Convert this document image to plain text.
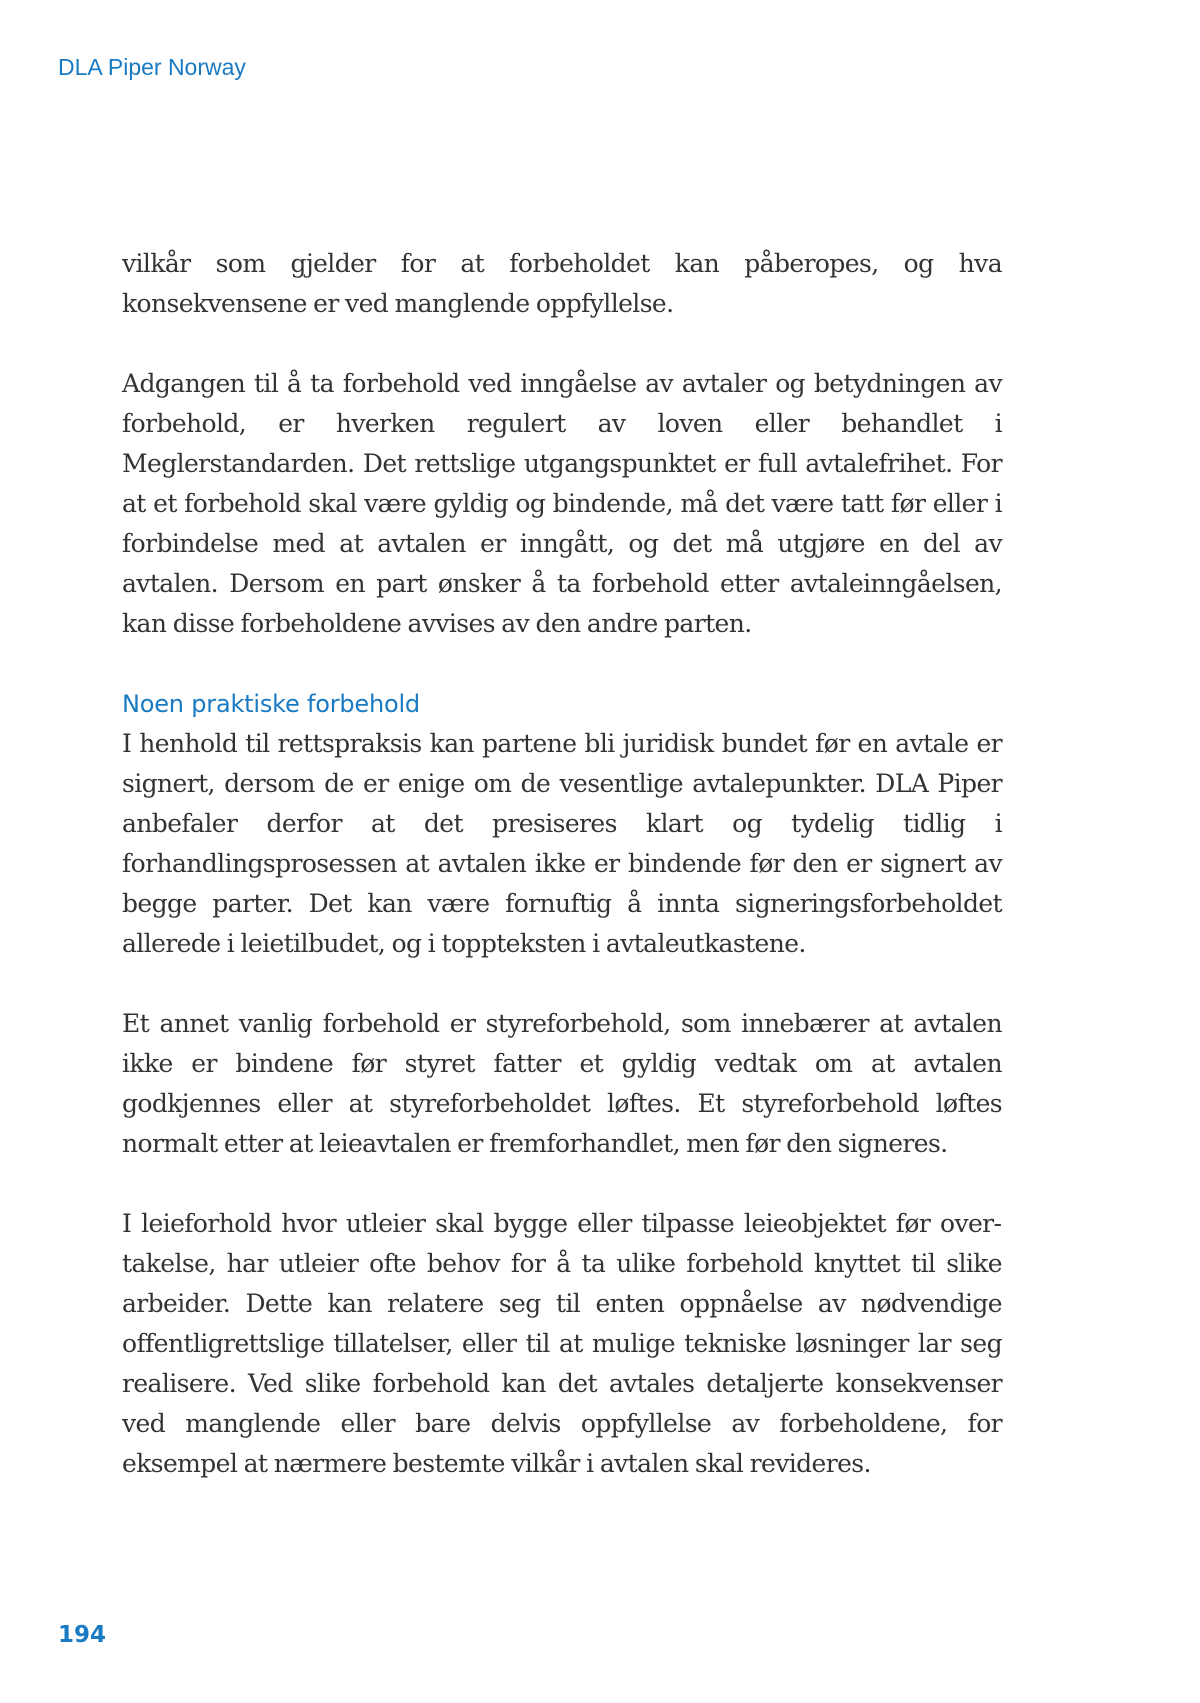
DLA Piper Norway

vilkår som gjelder for at forbeholdet kan påberopes, og hva konsekvensene er ved manglende oppfyllelse.

Adgangen til å ta forbehold ved inngåelse av avtaler og betydningen av forbehold, er hverken regulert av loven eller behandlet i Meglerstandarden. Det rettslige utgangspunktet er full avtalefrihet. For at et forbehold skal være gyldig og bindende, må det være tatt før eller i forbindelse med at avtalen er inngått, og det må utgjøre en del av avtalen. Dersom en part ønsker å ta forbehold etter avtaleinngåelsen, kan disse forbeholdene avvises av den andre parten.

Noen praktiske forbehold

I henhold til rettspraksis kan partene bli juridisk bundet før en avtale er signert, dersom de er enige om de vesentlige avtalepunkter. DLA Piper anbefaler derfor at det presiseres klart og tydelig tidlig i forhandlingsprosessen at avtalen ikke er bindende før den er signert av begge parter. Det kan være fornuftig å innta signeringsforbeholdet allerede i leietilbudet, og i toppteksten i avtaleutkastene.

Et annet vanlig forbehold er styreforbehold, som innebærer at avtalen ikke er bindene før styret fatter et gyldig vedtak om at avtalen godkjennes eller at styreforbeholdet løftes. Et styreforbehold løftes normalt etter at leieavtalen er fremforhandlet, men før den signeres.

I leieforhold hvor utleier skal bygge eller tilpasse leieobjektet før overtakelse, har utleier ofte behov for å ta ulike forbehold knyttet til slike arbeider. Dette kan relatere seg til enten oppnåelse av nødvendige offentligrettslige tillatelser, eller til at mulige tekniske løsninger lar seg realisere. Ved slike forbehold kan det avtales detaljerte konsekvenser ved manglende eller bare delvis oppfyllelse av forbeholdene, for eksempel at nærmere bestemte vilkår i avtalen skal revideres.

194
